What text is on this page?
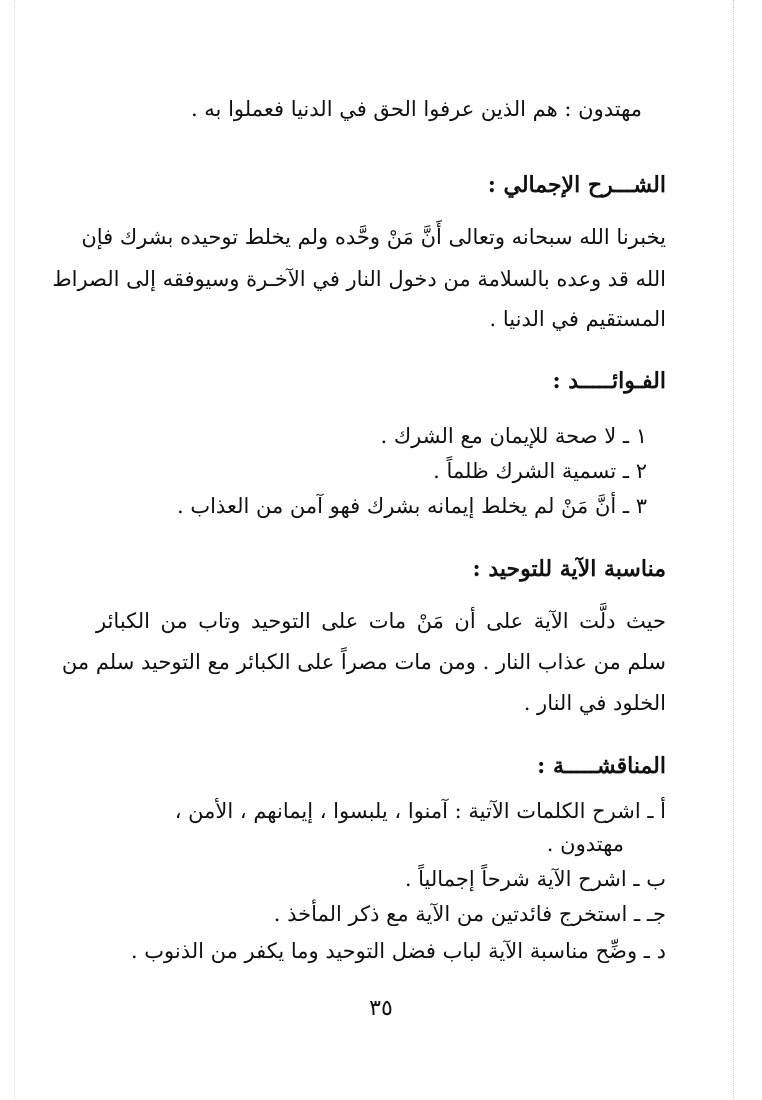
مهتدون : هم الذين عرفوا الحق في الدنيا فعملوا به .
الشـــرح الإجمالي :
يخبرنا الله سبحانه وتعالى أَنَّ مَنْ وحَّده ولم يخلط توحيده بشرك فإن
الله قد وعده بالسلامة من دخول النار في الآخـرة وسيوفقه إلى الصراط
المستقيم في الدنيا .
الفـوائـــــد :
١ ـ لا صحة للإيمان مع الشرك .
٢ ـ تسمية الشرك ظلماً .
٣ ـ أنَّ مَنْ لم يخلط إيمانه بشرك فهو آمن من العذاب .
مناسبة الآية للتوحيد :
حيث دلَّت الآية على أن مَنْ مات على التوحيد وتاب من الكبائر
سلم من عذاب النار . ومن مات مصراً على الكبائر مع التوحيد سلم من
الخلود في النار .
المناقشـــــة :
أ ـ اشرح الكلمات الآتية : آمنوا ، يلبسوا ، إيمانهم ، الأمن ،
مهتدون .
ب ـ اشرح الآية شرحاً إجمالياً .
جـ ـ استخرج فائدتين من الآية مع ذكر المأخذ .
د ـ وضِّح مناسبة الآية لباب فضل التوحيد وما يكفر من الذنوب .
٣٥
